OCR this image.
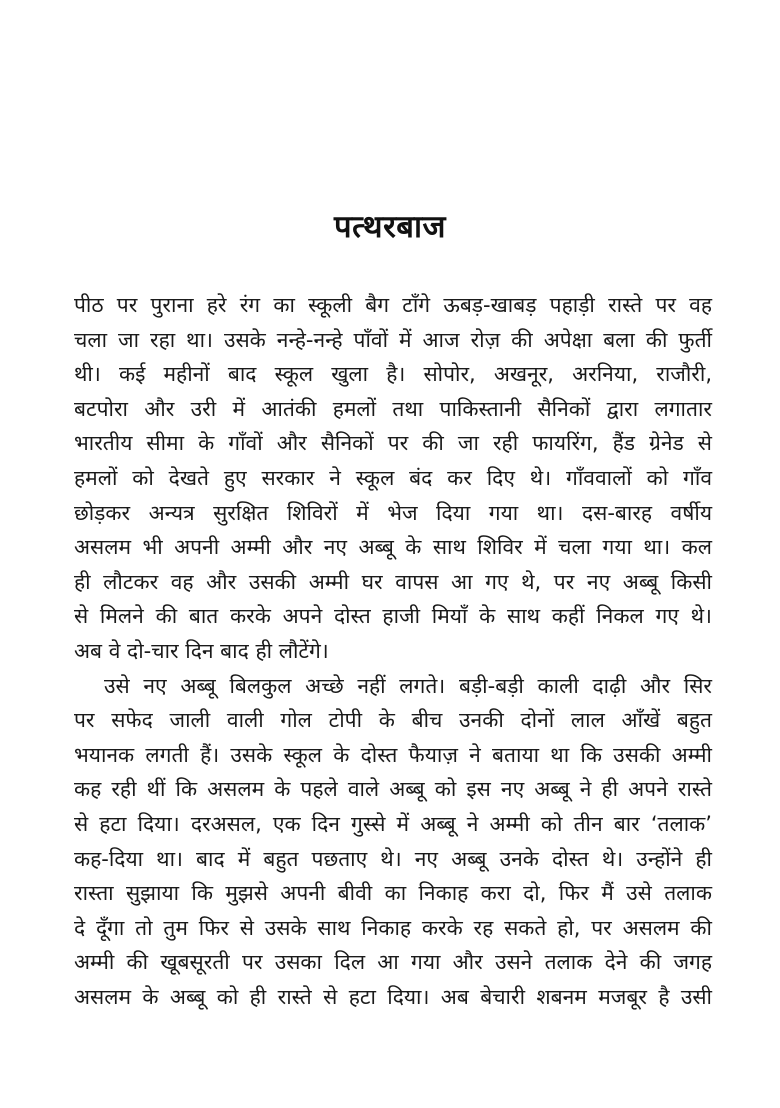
पत्थरबाज
पीठ पर पुराना हरे रंग का स्कूली बैग टाँगे ऊबड़-खाबड़ पहाड़ी रास्ते पर वह
चला जा रहा था। उसके नन्हे-नन्हे पाँवों में आज रोज़ की अपेक्षा बला की फुर्ती
थी। कई महीनों बाद स्कूल खुला है। सोपोर, अखनूर, अरनिया, राजौरी,
बटपोरा और उरी में आतंकी हमलों तथा पाकिस्तानी सैनिकों द्वारा लगातार
भारतीय सीमा के गाँवों और सैनिकों पर की जा रही फायरिंग, हैंड ग्रेनेड से
हमलों को देखते हुए सरकार ने स्कूल बंद कर दिए थे। गाँववालों को गाँव
छोड़कर अन्यत्र सुरक्षित शिविरों में भेज दिया गया था। दस-बारह वर्षीय
असलम भी अपनी अम्मी और नए अब्बू के साथ शिविर में चला गया था। कल
ही लौटकर वह और उसकी अम्मी घर वापस आ गए थे, पर नए अब्बू किसी
से मिलने की बात करके अपने दोस्त हाजी मियाँ के साथ कहीं निकल गए थे।
अब वे दो-चार दिन बाद ही लौटेंगे।
उसे नए अब्बू बिलकुल अच्छे नहीं लगते। बड़ी-बड़ी काली दाढ़ी और सिर
पर सफेद जाली वाली गोल टोपी के बीच उनकी दोनों लाल आँखें बहुत
भयानक लगती हैं। उसके स्कूल के दोस्त फैयाज़ ने बताया था कि उसकी अम्मी
कह रही थीं कि असलम के पहले वाले अब्बू को इस नए अब्बू ने ही अपने रास्ते
से हटा दिया। दरअसल, एक दिन गुस्से में अब्बू ने अम्मी को तीन बार ‘तलाक’
कह-दिया था। बाद में बहुत पछताए थे। नए अब्बू उनके दोस्त थे। उन्होंने ही
रास्ता सुझाया कि मुझसे अपनी बीवी का निकाह करा दो, फिर मैं उसे तलाक
दे दूँगा तो तुम फिर से उसके साथ निकाह करके रह सकते हो, पर असलम की
अम्मी की खूबसूरती पर उसका दिल आ गया और उसने तलाक देने की जगह
असलम के अब्बू को ही रास्ते से हटा दिया। अब बेचारी शबनम मजबूर है उसी
